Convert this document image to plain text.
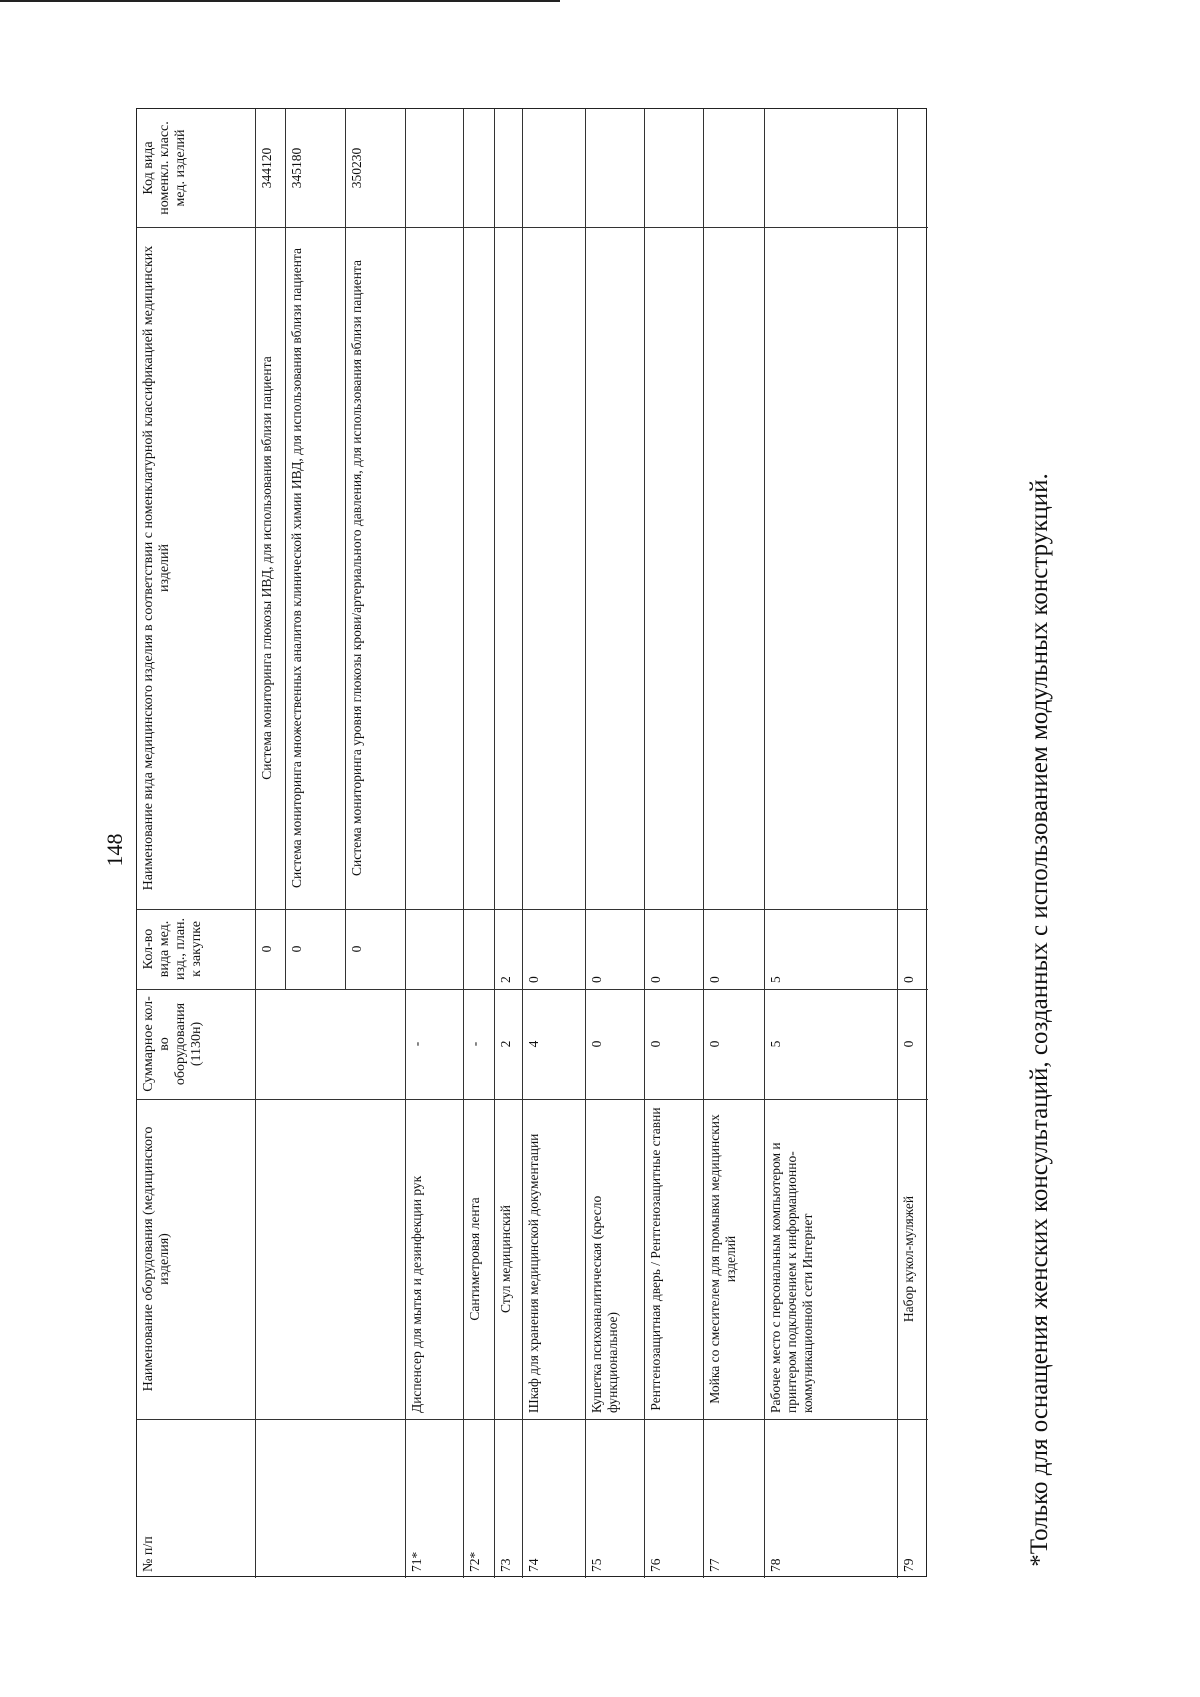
148
Код вида номенкл. класс. мед. изделий
Наименование вида медицинского изделия в соответствии с номенклатурной классификацией медицинских изделий
Кол-во вида мед. изд., план. к закупке
Суммарное кол-во оборудования (1130н)
Наименование оборудования (медицинского изделия)
№ п/п
0
Система мониторинга глюкозы ИВД, для использования вблизи пациента
344120
0
Система мониторинга множественных аналитов клинической химии ИВД, для использования вблизи пациента
345180
0
Система мониторинга уровня глюкозы крови/артериального давления, для использования вблизи пациента
350230
71*
Диспенсер для мытья и дезинфекции рук
-
72*
Сантиметровая лента
-
73
Стул медицинский
2
2
74
Шкаф для хранения медицинской документации
4
0
75
Кушетка психоаналитическая (кресло функциональное)
0
0
76
Рентгенозащитная дверь / Рентгенозащитные ставни
0
0
77
Мойка со смесителем для промывки медицинских изделий
0
0
78
Рабочее место с персональным компьютером и принтером подключением к информационно-коммуникационной сети Интернет
5
5
79
Набор кукол-муляжей
0
0	*Только для оснащения женских консультаций, созданных с использованием модульных конструкций.
